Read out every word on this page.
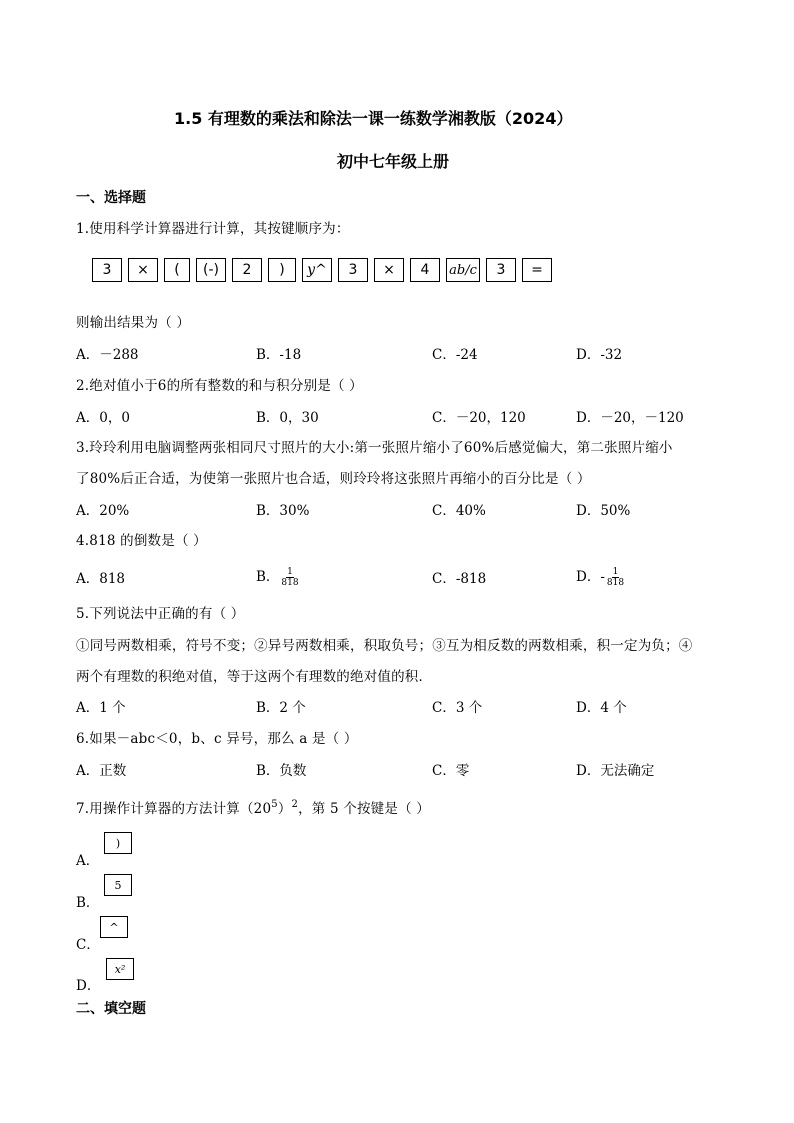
1.5 有理数的乘法和除法一课一练数学湘教版（2024）
初中七年级上册
一、选择题
1.使用科学计算器进行计算，其按键顺序为：
3	×	(	(-)	2	)	y^	3	×	4	ab/c	3	=
则输出结果为（ ）
A．－288	B．-18	C．-24	D．-32
2.绝对值小于6的所有整数的和与积分别是（ ）
A．0，0	B．0，30	C．－20，120	D．－20，－120
3.玲玲利用电脑调整两张相同尺寸照片的大小:第一张照片缩小了60%后感觉偏大，第二张照片缩小
了80%后正合适，为使第一张照片也合适，则玲玲将这张照片再缩小的百分比是（ ）
A．20%	B．30%	C．40%	D．50%
4.818 的倒数是（ ）
A．818	B． $\frac{1}{818}$	C．-818	D．- $\frac{1}{818}$
5.下列说法中正确的有（ ）
①同号两数相乘，符号不变；②异号两数相乘，积取负号；③互为相反数的两数相乘，积一定为负；④
两个有理数的积绝对值，等于这两个有理数的绝对值的积．
A．1 个	B．2 个	C．3 个	D．4 个
6.如果－abc＜0，b、c 异号，那么 a 是（ ）
A．正数	B．负数	C．零	D．无法确定
7.用操作计算器的方法计算$(20^5)^2$，第 5 个按键是（ ）
A．
)
B．
5
C．
^
D．
x²
二、填空题
